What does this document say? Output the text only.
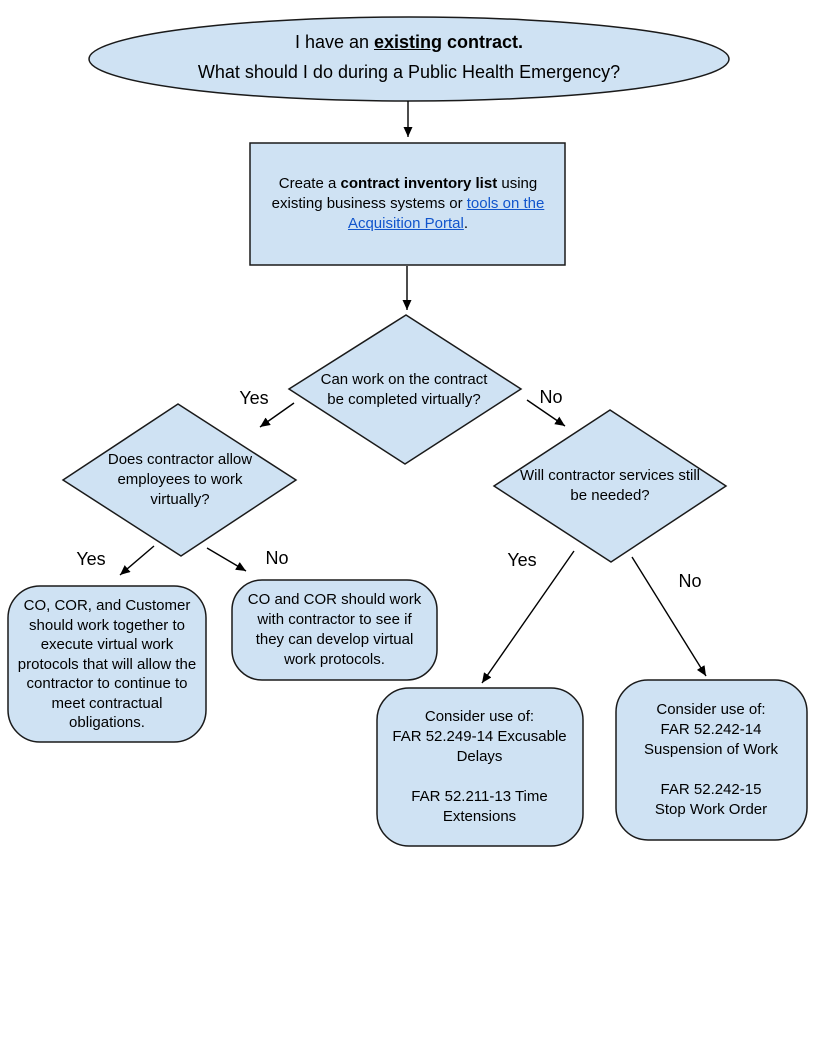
I have an existing contract.
What should I do during a Public Health Emergency?
Create a contract inventory list using existing business systems or tools on the Acquisition Portal.
Can work on the contract
be completed virtually?
Does contractor allow
employees to work
virtually?
Will contractor services still
be needed?
CO, COR, and Customer
should work together to
execute virtual work
protocols that will allow the
contractor to continue to
meet contractual
obligations.
CO and COR should work
with contractor to see if
they can develop virtual
work protocols.
Consider use of:
FAR 52.249-14 Excusable
Delays

FAR 52.211-13 Time
Extensions
Consider use of:
FAR 52.242-14
Suspension of Work

FAR 52.242-15
Stop Work Order
Yes	No
Yes	No	Yes
No
